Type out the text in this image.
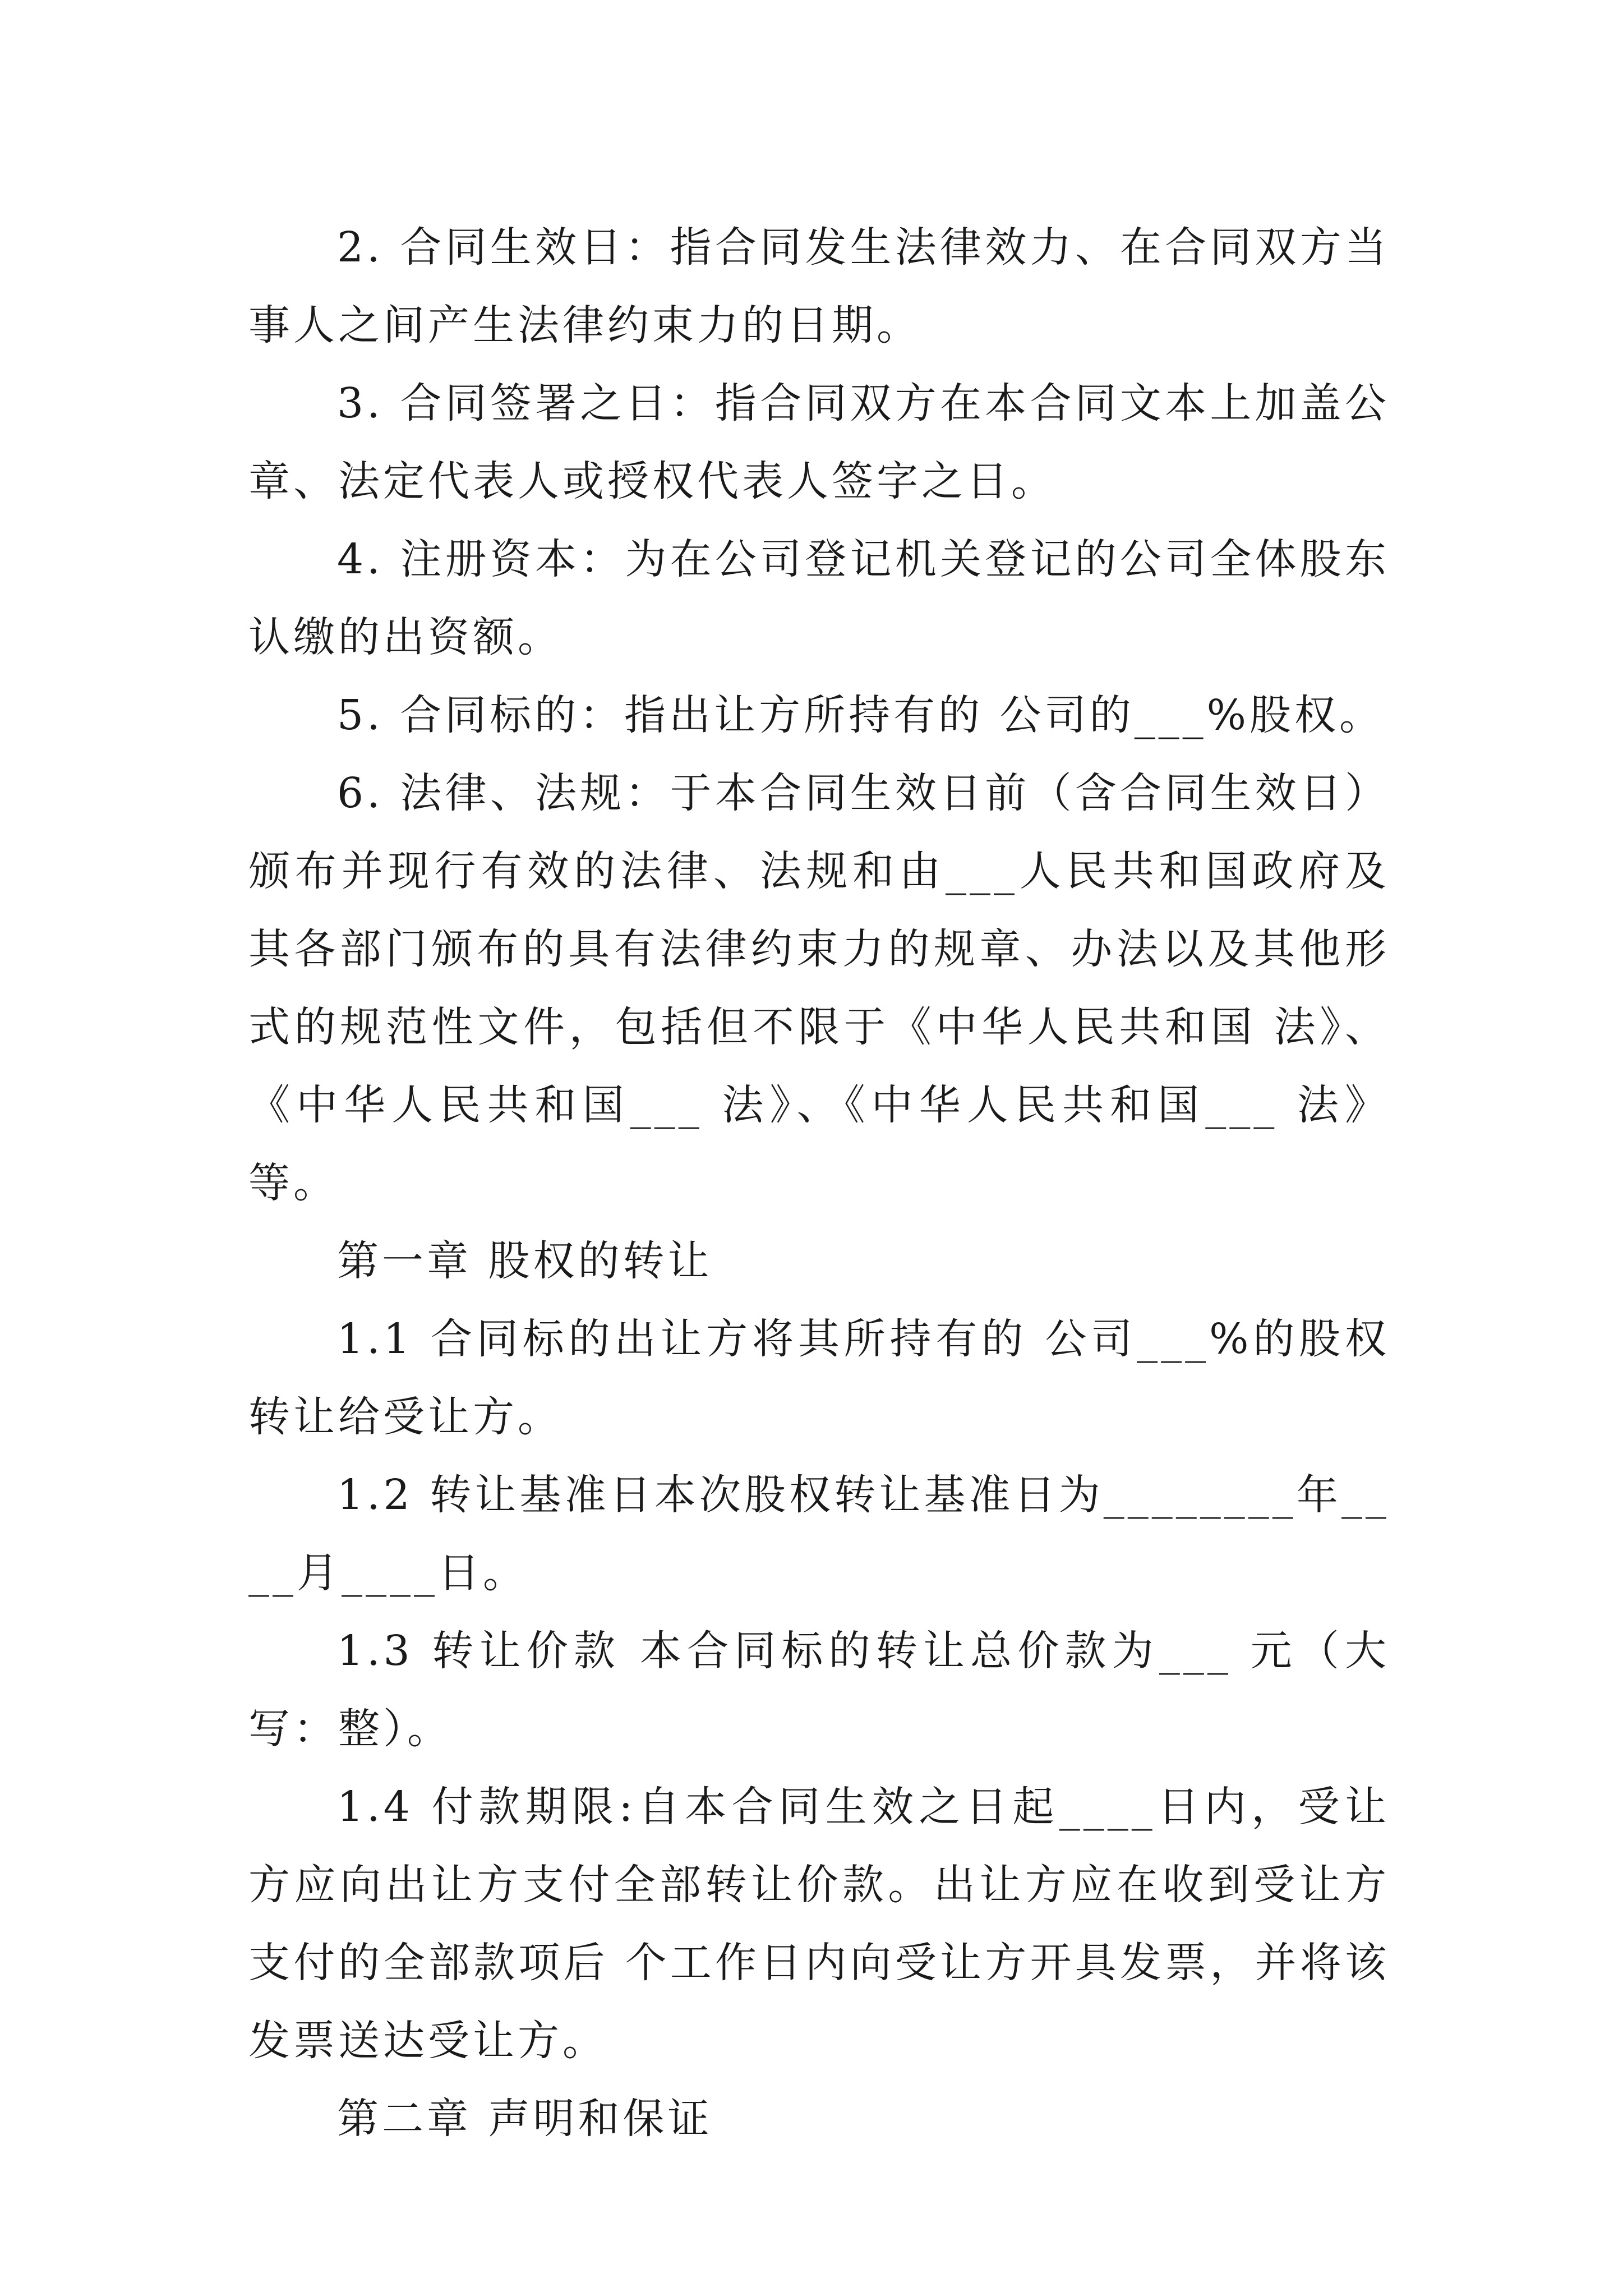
2. 合同生效日：指合同发生法律效力、在合同双方当事人之间产生法律约束力的日期。

3. 合同签署之日：指合同双方在本合同文本上加盖公章、法定代表人或授权代表人签字之日。

4. 注册资本：为在公司登记机关登记的公司全体股东认缴的出资额。

5. 合同标的：指出让方所持有的 公司的___%股权。

6. 法律、法规：于本合同生效日前（含合同生效日）颁布并现行有效的法律、法规和由___人民共和国政府及其各部门颁布的具有法律约束力的规章、办法以及其他形式的规范性文件，包括但不限于《中华人民共和国 法》、《中华人民共和国___ 法》、《中华人民共和国___ 法》等。

第一章 股权的转让

1.1 合同标的出让方将其所持有的 公司___%的股权转让给受让方。

1.2 转让基准日本次股权转让基准日为________年____月____日。

1.3 转让价款 本合同标的转让总价款为___ 元（大写：整）。

1.4 付款期限:自本合同生效之日起____日内，受让方应向出让方支付全部转让价款。出让方应在收到受让方支付的全部款项后 个工作日内向受让方开具发票，并将该发票送达受让方。

第二章 声明和保证
